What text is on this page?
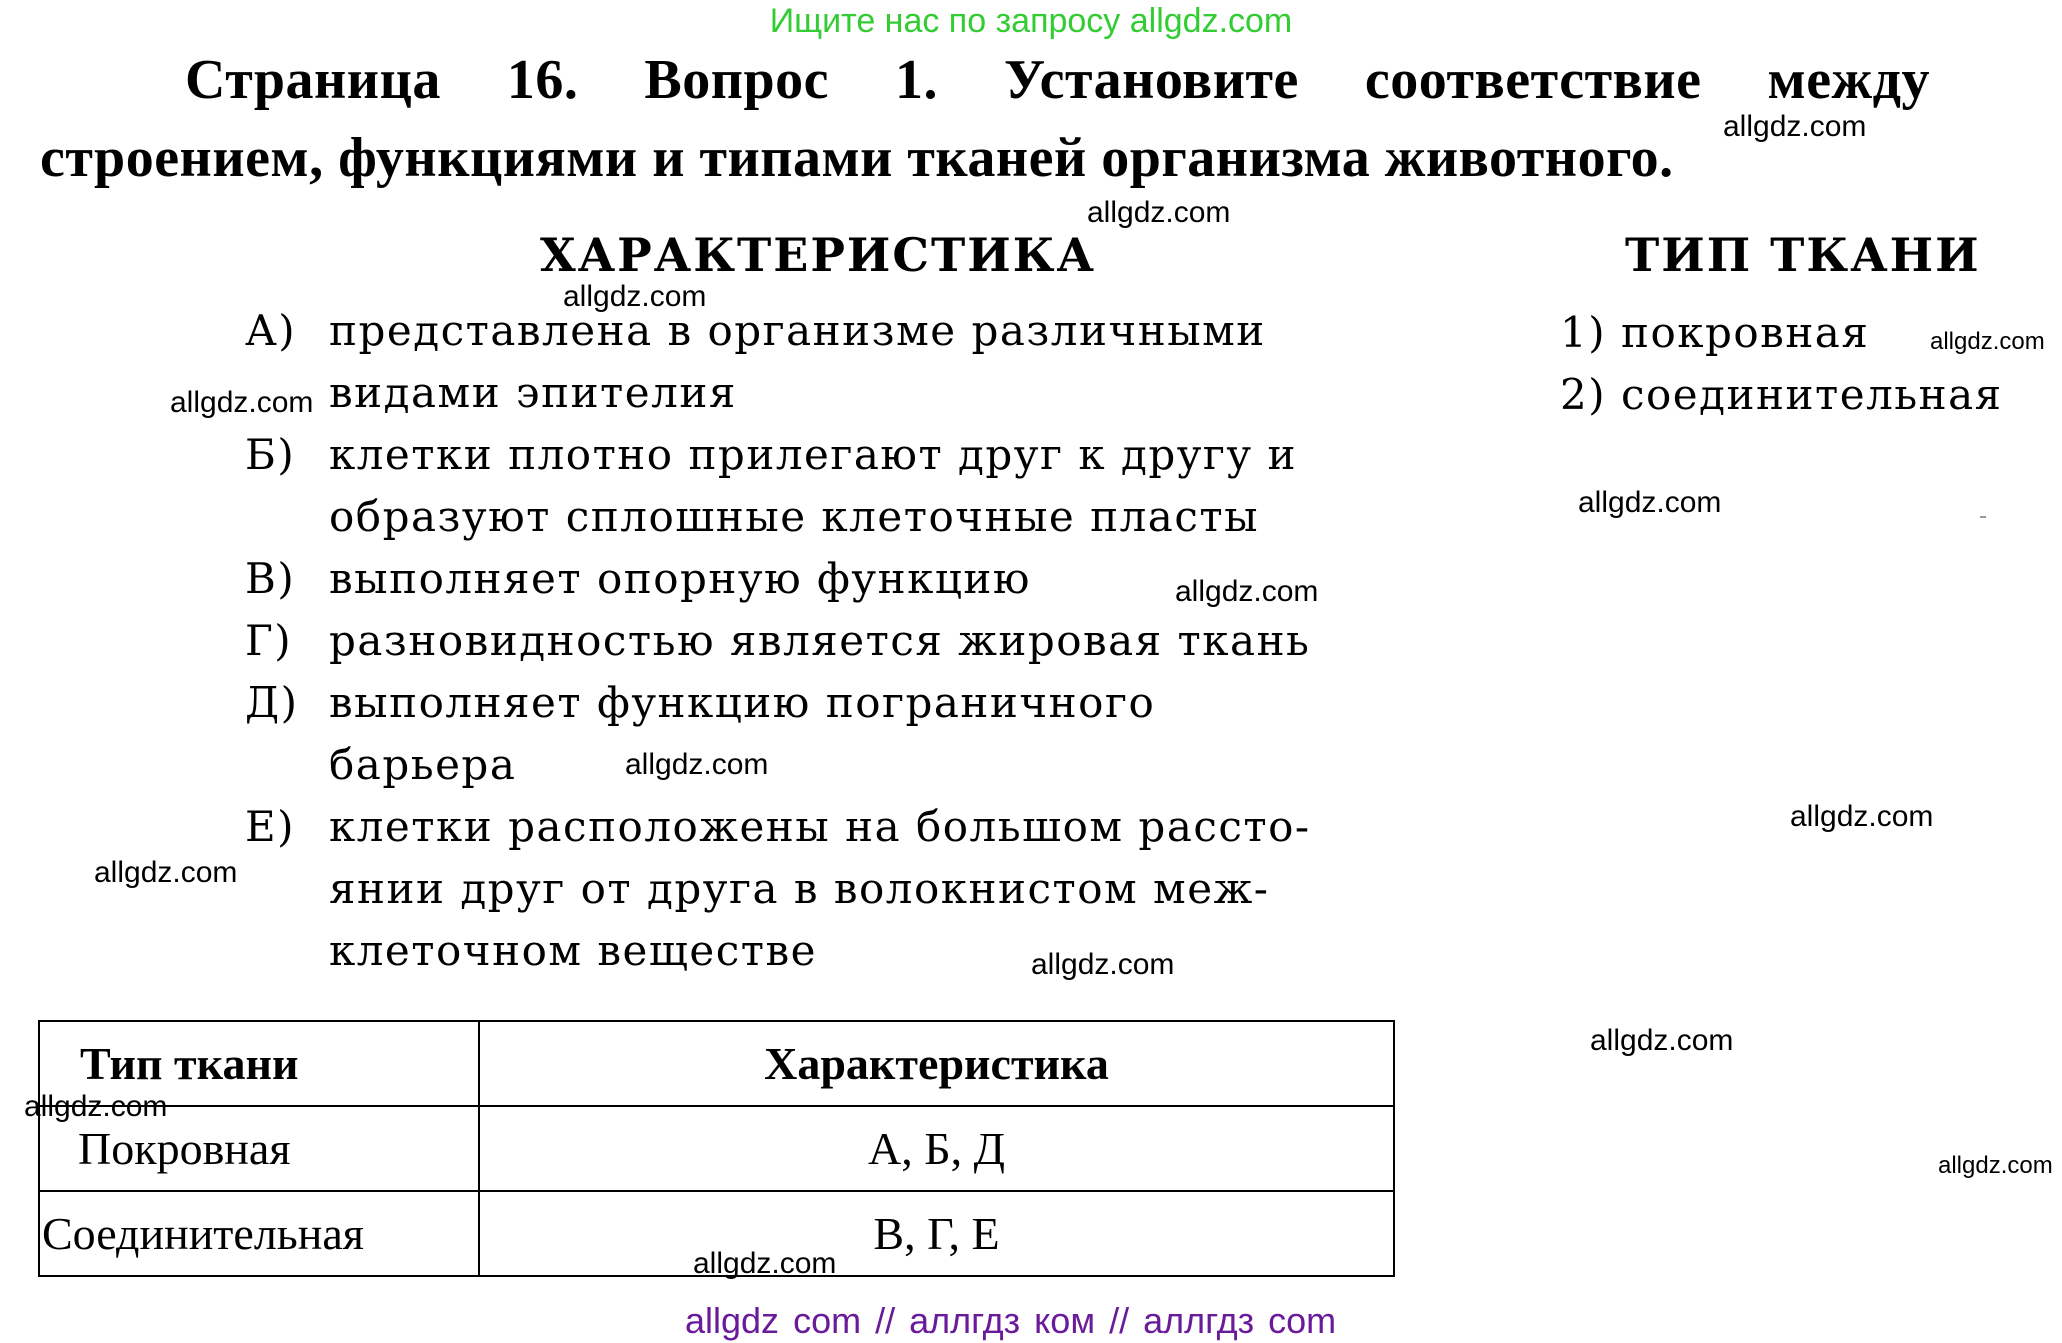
Ищите нас по запросу allgdz.com
Страница 16. Вопрос 1. Установите соответствие между
строением, функциями и типами тканей организма животного.
ХАРАКТЕРИСТИКА
А) представлена в организме различными
видами эпителия
Б) клетки плотно прилегают друг к другу и
образуют сплошные клеточные пласты
В) выполняет опорную функцию
Г) разновидностью является жировая ткань
Д) выполняет функцию пограничного
барьера
Е) клетки расположены на большом рассто-
янии друг от друга в волокнистом меж-
клеточном веществе
ТИП ТКАНИ
1) покровная
2) соединительная
Тип ткани	Характеристика
Покровная	А, Б, Д
Соединительная	В, Г, Е
allgdz.com
allgdz.com
allgdz.com
allgdz.com
allgdz.com
allgdz.com
allgdz.com
allgdz.com
allgdz.com
allgdz.com
allgdz.com
allgdz.com
allgdz.com
allgdz.com
allgdz.com
allgdz com // аллгдз ком // аллгдз com
